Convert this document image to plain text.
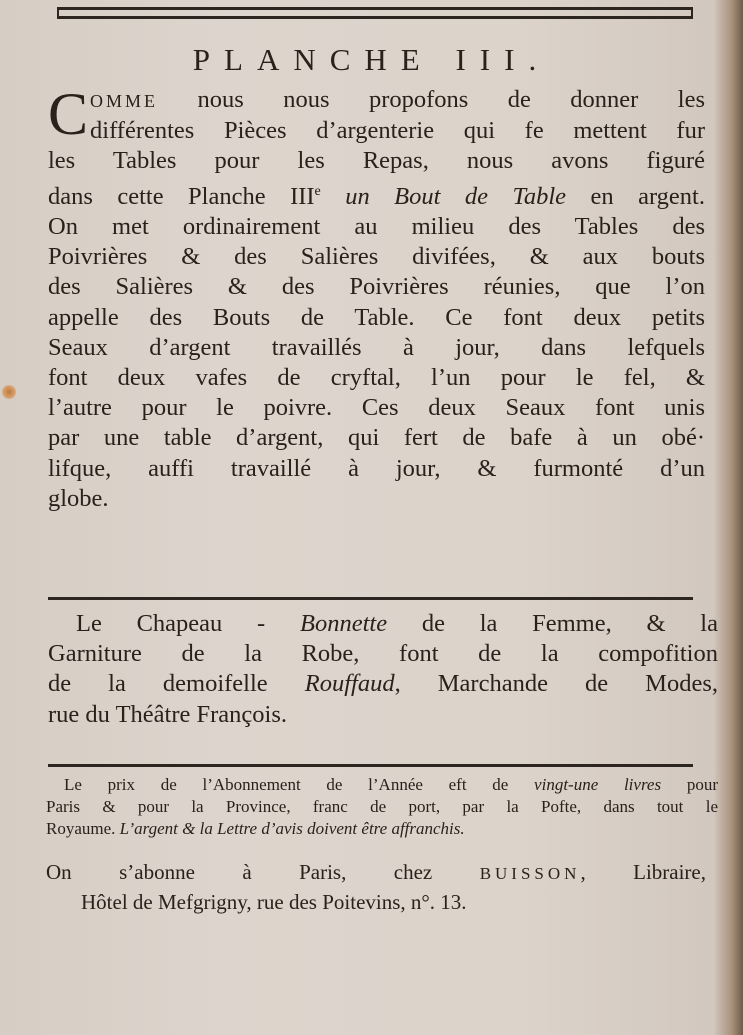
PLANCHE III.
C OMME nous nous propofons de donner les
différentes Pièces d’argenterie qui fe mettent fur
les Tables pour les Repas, nous avons figuré
dans cette Planche IIIe un Bout de Table en argent.
On met ordinairement au milieu des Tables des
Poivrières & des Salières divifées, & aux bouts
des Salières & des Poivrières réunies, que l’on
appelle des Bouts de Table. Ce font deux petits
Seaux d’argent travaillés à jour, dans lefquels
font deux vafes de cryftal, l’un pour le fel, &
l’autre pour le poivre. Ces deux Seaux font unis
par une table d’argent, qui fert de bafe à un obé·
lifque, auffi travaillé à jour, & furmonté d’un
globe.
Le Chapeau - Bonnette de la Femme, & la
Garniture de la Robe, font de la compofition
de la demoifelle Rouffaud, Marchande de Modes,
rue du Théâtre François.
Le prix de l’Abonnement de l’Année eft de vingt-une livres pour
Paris & pour la Province, franc de port, par la Pofte, dans tout le
Royaume. L’argent & la Lettre d’avis doivent être affranchis.
On s’abonne à Paris, chez BUISSON, Libraire,
Hôtel de Mefgrigny, rue des Poitevins, n°. 13.
